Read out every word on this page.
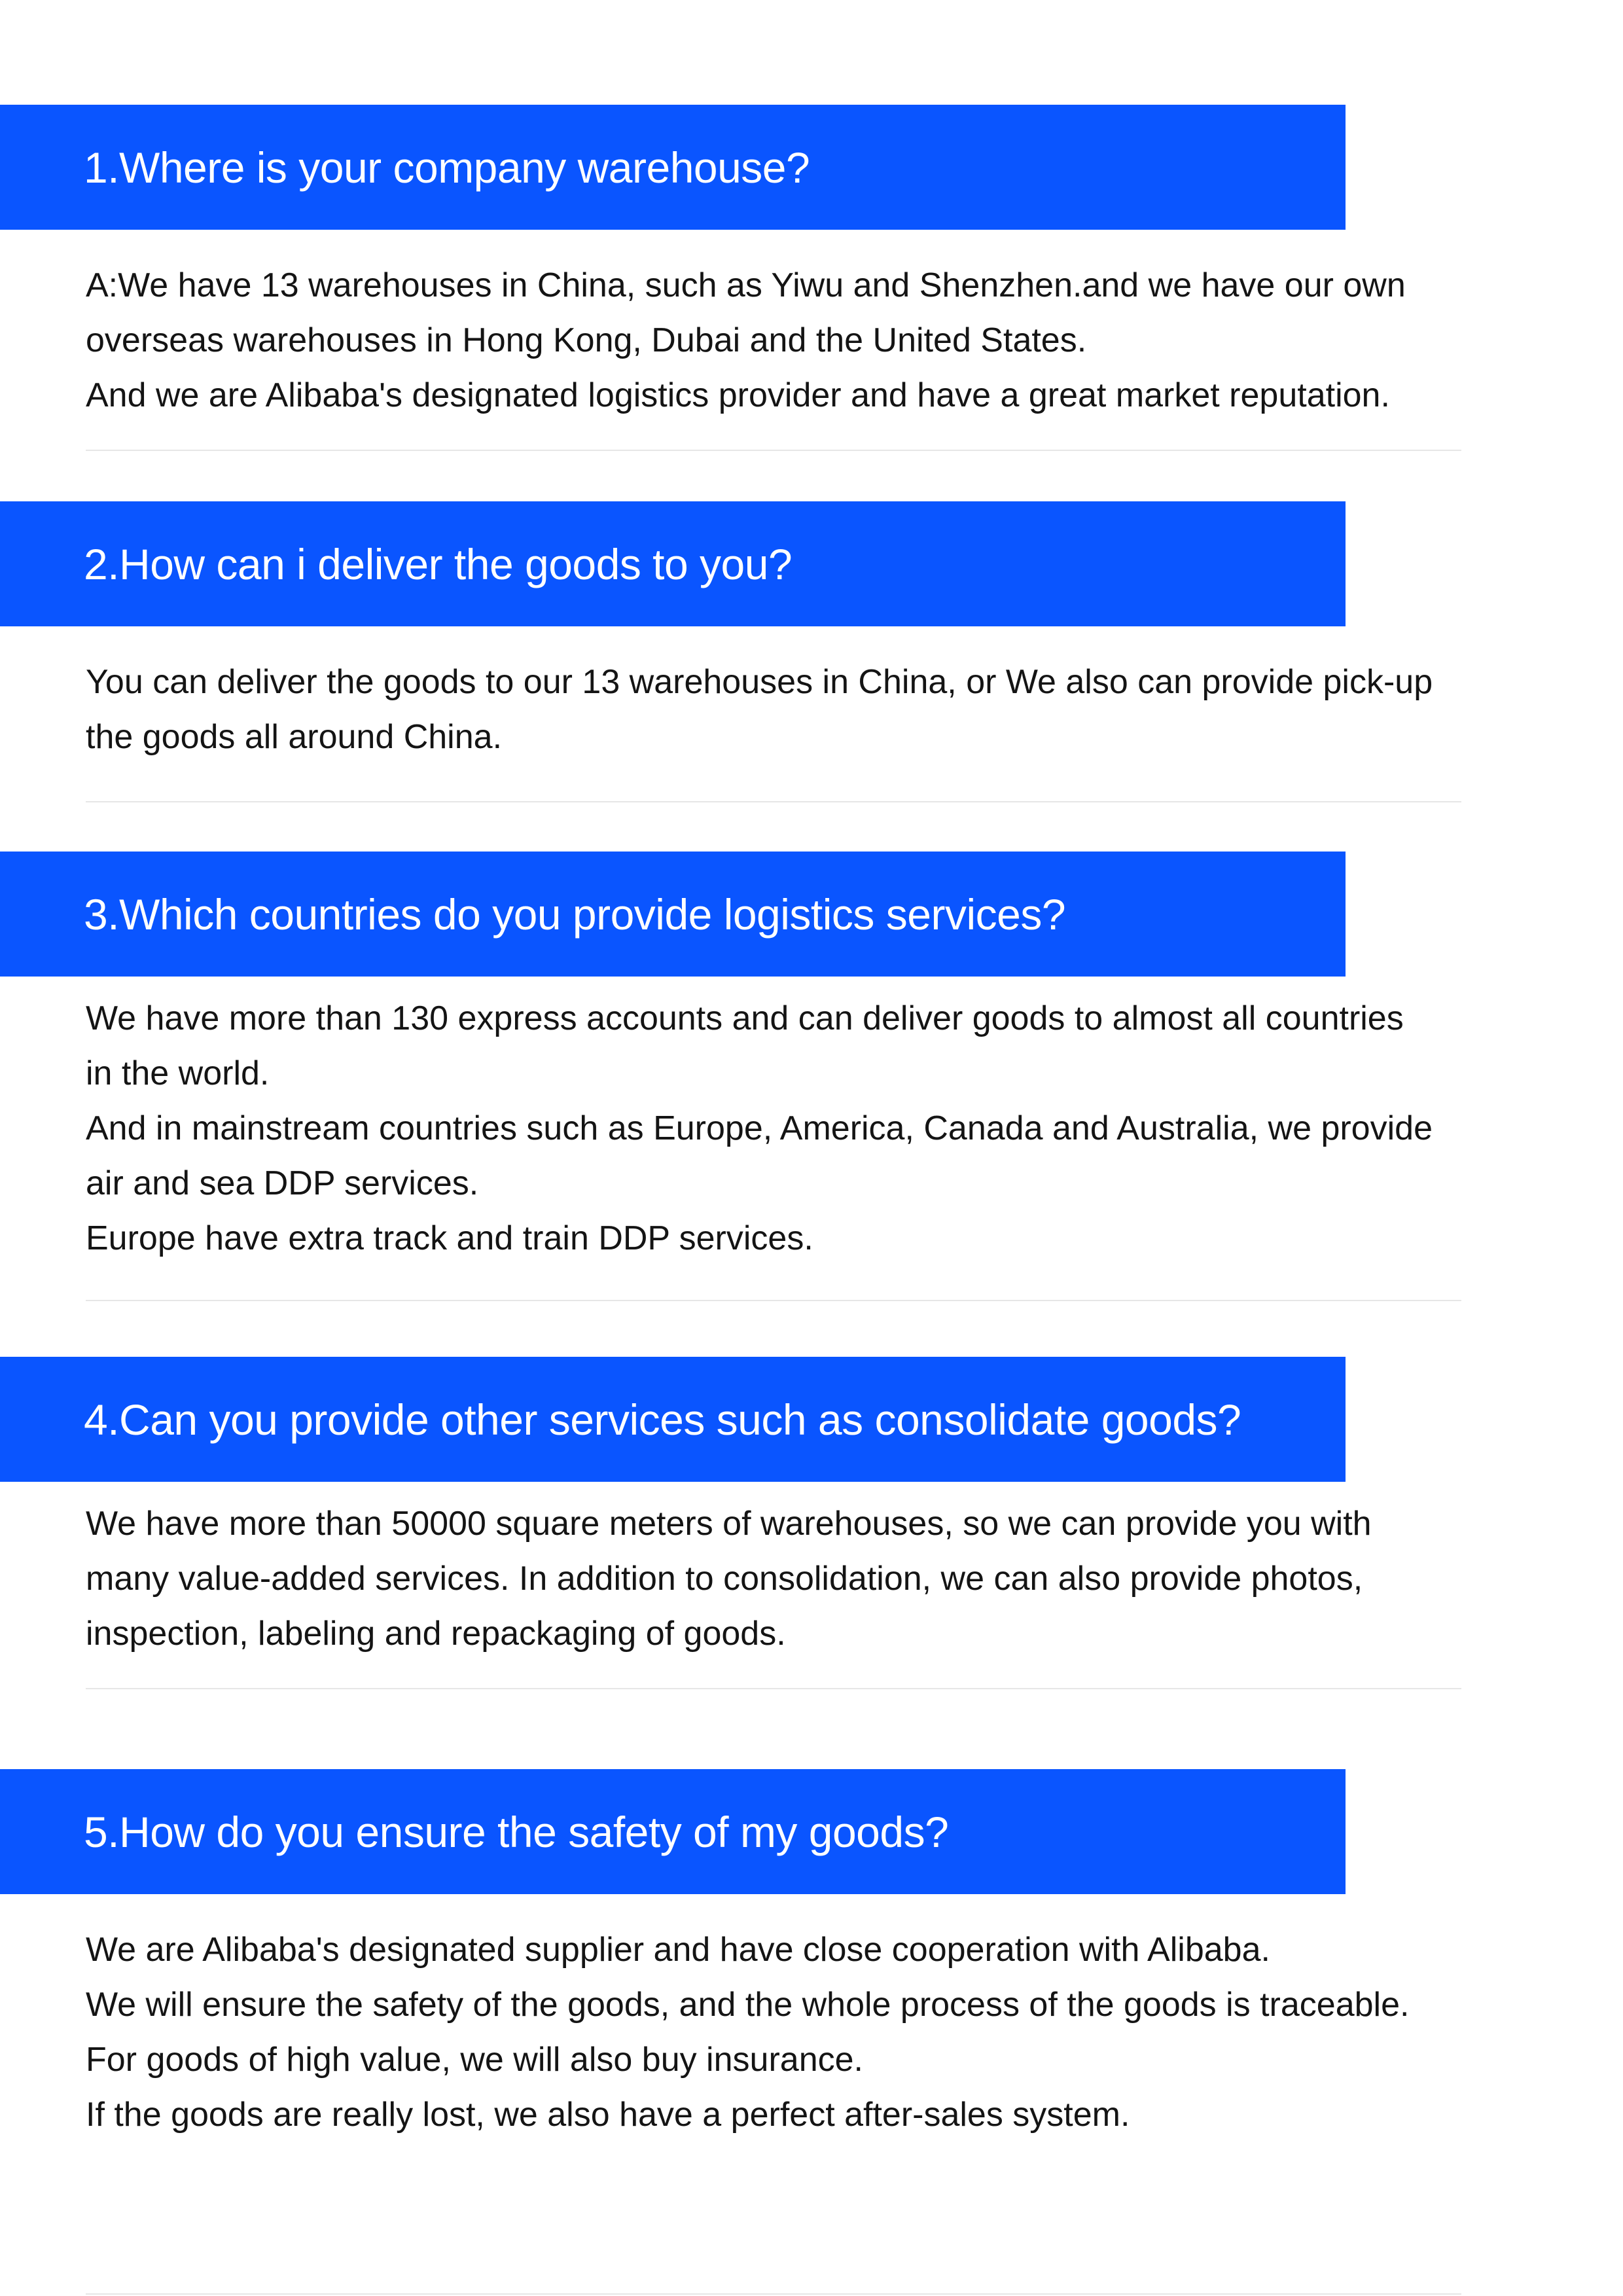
1.Where is your company warehouse?
A:We have 13 warehouses in China, such as Yiwu and Shenzhen.and we have our own
overseas warehouses in Hong Kong, Dubai and the United States.
And we are Alibaba's designated logistics provider and have a great market reputation.
2.How can i deliver the goods to you?
You can deliver the goods to our 13 warehouses in China, or We also can provide pick-up
the goods all around China.
3.Which countries do you provide logistics services?
We have more than 130 express accounts and can deliver goods to almost all countries
in the world.
And in mainstream countries such as Europe, America, Canada and Australia, we provide
air and sea DDP services.
Europe have extra track and train DDP services.
4.Can you provide other services such as consolidate goods?
We have more than 50000 square meters of warehouses, so we can provide you with
many value-added services. In addition to consolidation, we can also provide photos,
inspection, labeling and repackaging of goods.
5.How do you ensure the safety of my goods?
We are Alibaba's designated supplier and have close cooperation with Alibaba.
We will ensure the safety of the goods, and the whole process of the goods is traceable.
For goods of high value, we will also buy insurance.
If the goods are really lost, we also have a perfect after-sales system.
